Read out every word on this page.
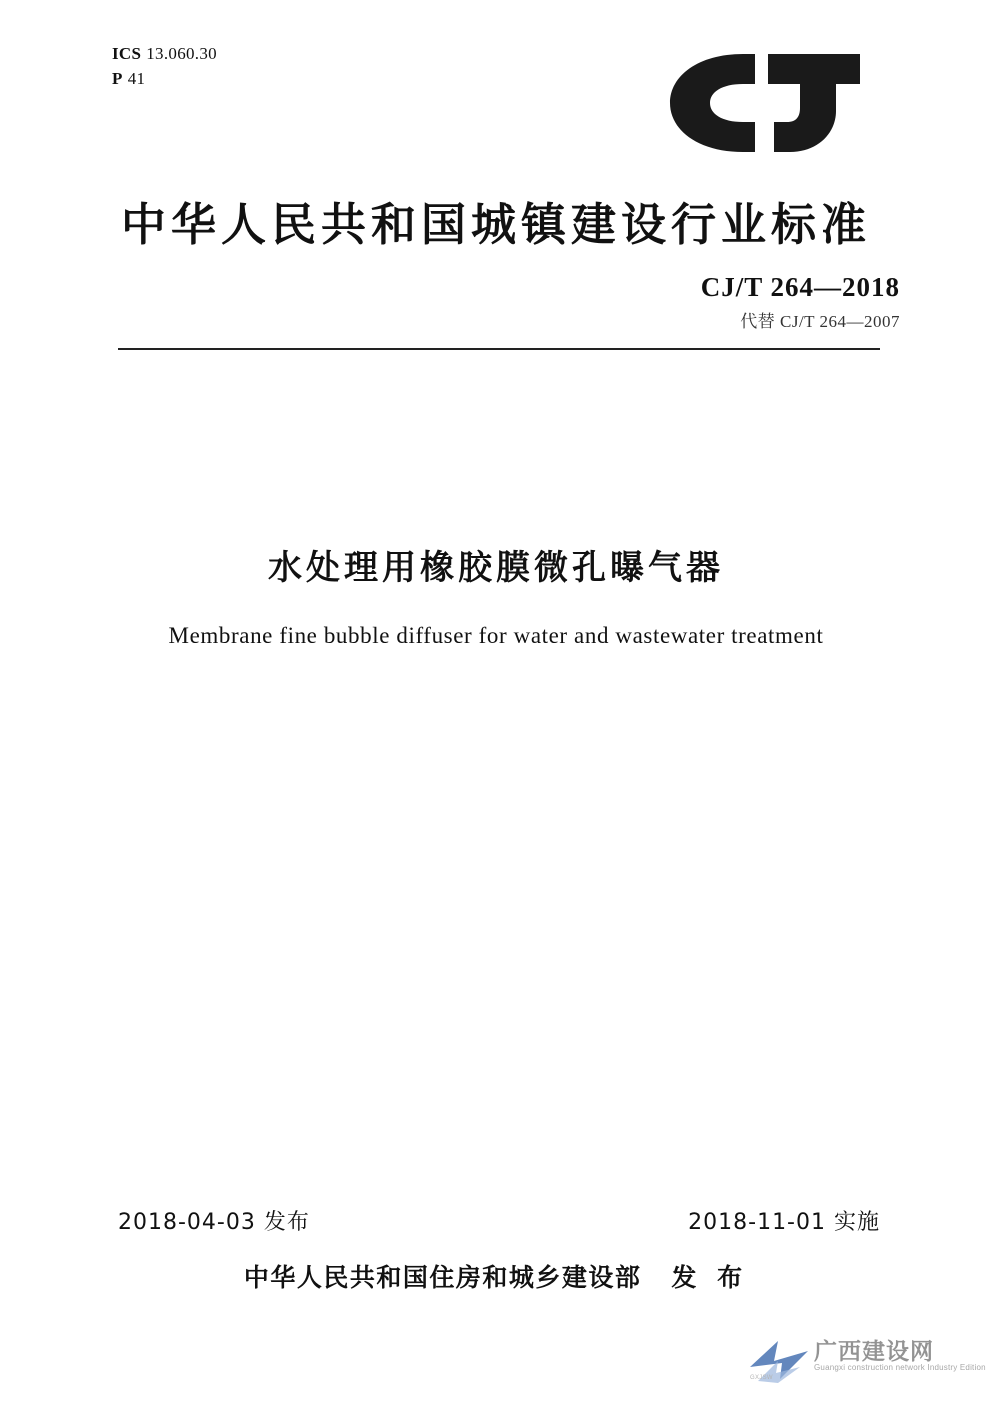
ICS 13.060.30
P 41
中华人民共和国城镇建设行业标准
CJ/T 264—2018
代替 CJ/T 264—2007
水处理用橡胶膜微孔曝气器
Membrane fine bubble diffuser for water and wastewater treatment
2018-04-03 发布	2018-11-01 实施
中华人民共和国住房和城乡建设部 发 布
广西建设网
Guangxi construction network Industry Edition
GXJSW
